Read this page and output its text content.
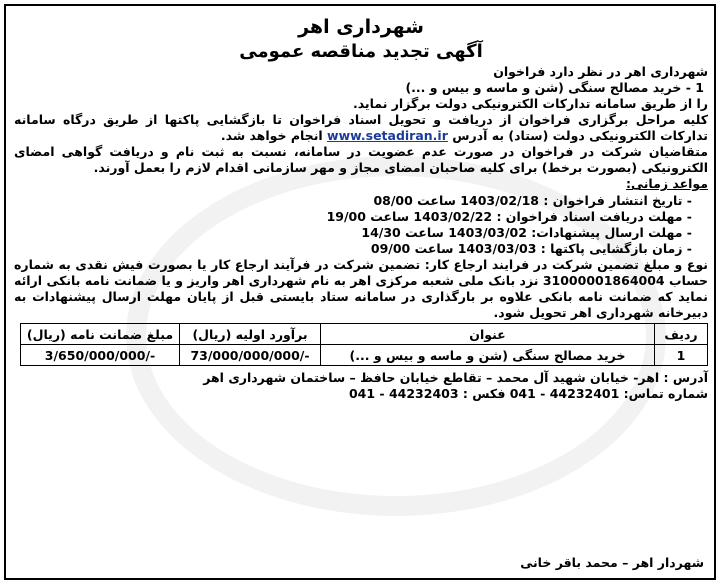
شهرداری اهر
آگهی تجدید مناقصه عمومی

شهرداری اهر در نظر دارد فراخوان

1 - خرید مصالح سنگی (شن و ماسه و بیس و ...)

را از طریق سامانه تدارکات الکترونیکی دولت برگزار نماید.

کلیه مراحل برگزاری فراخوان از دریافت و تحویل اسناد فراخوان تا بازگشایی پاکتها از طریق درگاه سامانه تدارکات الکترونیکی دولت (ستاد) به آدرس www.setadiran.ir انجام خواهد شد.

متقاضیان شرکت در فراخوان در صورت عدم عضویت در سامانه، نسبت به ثبت نام و دریافت گواهی امضای الکترونیکی (بصورت برخط) برای کلیه صاحبان امضای مجاز و مهر سازمانی اقدام لازم را بعمل آورند.

مواعد زمانی:

- تاریخ انتشار فراخوان : 1403/02/18 ساعت 08/00
- مهلت دریافت اسناد فراخوان : 1403/02/22 ساعت 19/00
- مهلت ارسال پیشنهادات: 1403/03/02 ساعت 14/30
- زمان بازگشایی پاکتها : 1403/03/03 ساعت 09/00

نوع و مبلغ تضمین شرکت در فرایند ارجاع کار: تضمین شرکت در فرآیند ارجاع کار یا بصورت فیش نقدی به شماره حساب 31000001864004 نزد بانک ملی شعبه مرکزی اهر به نام شهرداری اهر واریز و یا ضمانت نامه بانکی ارائه نماید که ضمانت نامه بانکی علاوه بر بارگذاری در سامانه ستاد بایستی قبل از پایان مهلت ارسال پیشنهادات به دبیرخانه شهرداری اهر تحویل شود.

ردیف	عنوان	برآورد اولیه (ریال)	مبلغ ضمانت نامه (ریال)
1	خرید مصالح سنگی (شن و ماسه و بیس و ...)	73/000/000/000/-	3/650/000/000/-

آدرس : اهر- خیابان شهید آل محمد – تقاطع خیابان حافظ – ساختمان شهرداری اهر

شماره تماس: 44232401 - 041 فکس : 44232403 - 041

شهردار اهر – محمد باقر خانی
